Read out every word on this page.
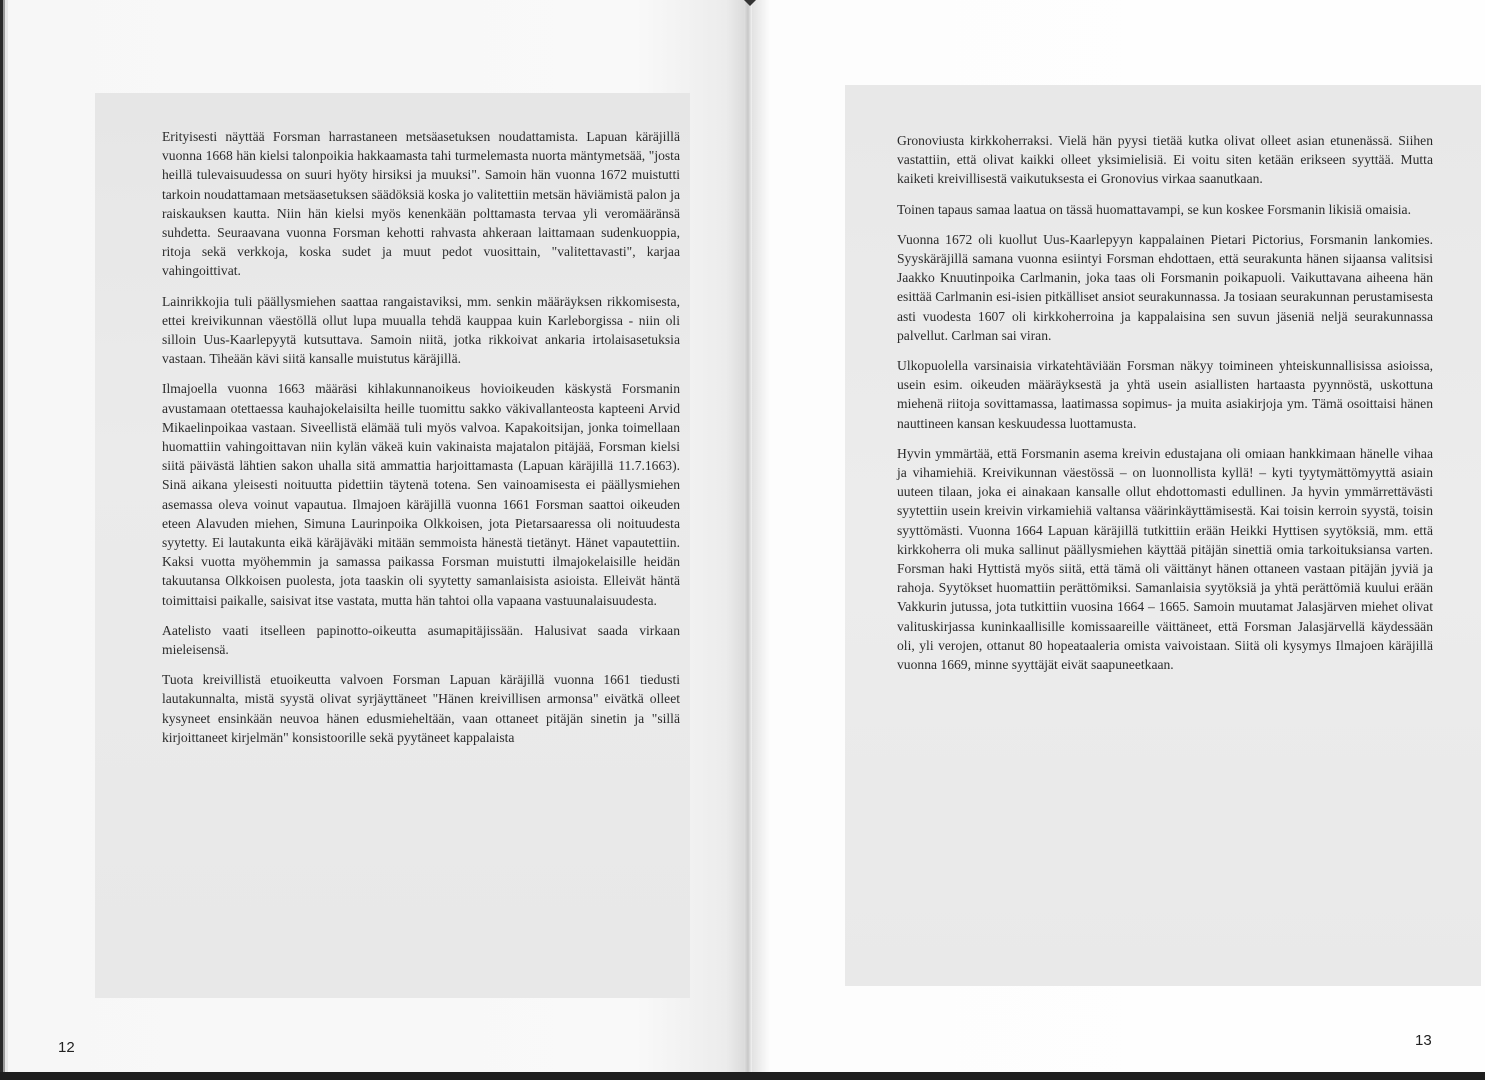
Erityisesti näyttää Forsman harrastaneen metsäasetuksen noudattamista. Lapuan käräjillä vuonna 1668 hän kielsi talonpoikia hakkaamasta tahi turmelemasta nuorta mäntymetsää, "josta heillä tulevaisuudessa on suuri hyöty hirsiksi ja muuksi". Samoin hän vuonna 1672 muistutti tarkoin noudattamaan metsäasetuksen säädöksiä koska jo valitettiin metsän häviämistä palon ja raiskauksen kautta. Niin hän kielsi myös kenenkään polttamasta tervaa yli veromääränsä suhdetta. Seuraavana vuonna Forsman kehotti rahvasta ahkeraan laittamaan sudenkuoppia, ritoja sekä verkkoja, koska sudet ja muut pedot vuosittain, "valitettavasti", karjaa vahingoittivat.

Lainrikkojia tuli päällysmiehen saattaa rangaistaviksi, mm. senkin määräyksen rikkomisesta, ettei kreivikunnan väestöllä ollut lupa muualla tehdä kauppaa kuin Karleborgissa - niin oli silloin Uus-Kaarlepyytä kutsuttava. Samoin niitä, jotka rikkoivat ankaria irtolaisasetuksia vastaan. Tiheään kävi siitä kansalle muistutus käräjillä.

Ilmajoella vuonna 1663 määräsi kihlakunnanoikeus hovioikeuden käskystä Forsmanin avustamaan otettaessa kauhajokelaisilta heille tuomittu sakko väkivallanteosta kapteeni Arvid Mikaelinpoikaa vastaan. Siveellistä elämää tuli myös valvoa. Kapakoitsijan, jonka toimellaan huomattiin vahingoittavan niin kylän väkeä kuin vakinaista majatalon pitäjää, Forsman kielsi siitä päivästä lähtien sakon uhalla sitä ammattia harjoittamasta (Lapuan käräjillä 11.7.1663). Sinä aikana yleisesti noituutta pidettiin täytenä totena. Sen vainoamisesta ei päällysmiehen asemassa oleva voinut vapautua. Ilmajoen käräjillä vuonna 1661 Forsman saattoi oikeuden eteen Alavuden miehen, Simuna Laurinpoika Olkkoisen, jota Pietarsaaressa oli noituudesta syytetty. Ei lautakunta eikä käräjäväki mitään semmoista hänestä tietänyt. Hänet vapautettiin. Kaksi vuotta myöhemmin ja samassa paikassa Forsman muistutti ilmajokelaisille heidän takuutansa Olkkoisen puolesta, jota taaskin oli syytetty samanlaisista asioista. Elleivät häntä toimittaisi paikalle, saisivat itse vastata, mutta hän tahtoi olla vapaana vastuunalaisuudesta.

Aatelisto vaati itselleen papinotto-oikeutta asumapitäjissään. Halusivat saada virkaan mieleisensä.

Tuota kreivillistä etuoikeutta valvoen Forsman Lapuan käräjillä vuonna 1661 tiedusti lautakunnalta, mistä syystä olivat syrjäyttäneet "Hänen kreivillisen armonsa" eivätkä olleet kysyneet ensinkään neuvoa hänen edusmieheltään, vaan ottaneet pitäjän sinetin ja "sillä kirjoittaneet kirjelmän" konsistoorille sekä pyytäneet kappalaista

Gronoviusta kirkkoherraksi. Vielä hän pyysi tietää kutka olivat olleet asian etunenässä. Siihen vastattiin, että olivat kaikki olleet yksimielisiä. Ei voitu siten ketään erikseen syyttää. Mutta kaiketi kreivillisestä vaikutuksesta ei Gronovius virkaa saanutkaan.

Toinen tapaus samaa laatua on tässä huomattavampi, se kun koskee Forsmanin likisiä omaisia.

Vuonna 1672 oli kuollut Uus-Kaarlepyyn kappalainen Pietari Pictorius, Forsmanin lankomies. Syyskäräjillä samana vuonna esiintyi Forsman ehdottaen, että seurakunta hänen sijaansa valitsisi Jaakko Knuutinpoika Carlmanin, joka taas oli Forsmanin poikapuoli. Vaikuttavana aiheena hän esittää Carlmanin esi-isien pitkälliset ansiot seurakunnassa. Ja tosiaan seurakunnan perustamisesta asti vuodesta 1607 oli kirkkoherroina ja kappalaisina sen suvun jäseniä neljä seurakunnassa palvellut. Carlman sai viran.

Ulkopuolella varsinaisia virkatehtäviään Forsman näkyy toimineen yhteiskunnallisissa asioissa, usein esim. oikeuden määräyksestä ja yhtä usein asiallisten hartaasta pyynnöstä, uskottuna miehenä riitoja sovittamassa, laatimassa sopimus- ja muita asiakirjoja ym. Tämä osoittaisi hänen nauttineen kansan keskuudessa luottamusta.

Hyvin ymmärtää, että Forsmanin asema kreivin edustajana oli omiaan hankkimaan hänelle vihaa ja vihamiehiä. Kreivikunnan väestössä – on luonnollista kyllä! – kyti tyytymättömyyttä asiain uuteen tilaan, joka ei ainakaan kansalle ollut ehdottomasti edullinen. Ja hyvin ymmärrettävästi syytettiin usein kreivin virkamiehiä valtansa väärinkäyttämisestä. Kai toisin kerroin syystä, toisin syyttömästi. Vuonna 1664 Lapuan käräjillä tutkittiin erään Heikki Hyttisen syytöksiä, mm. että kirkkoherra oli muka sallinut päällysmiehen käyttää pitäjän sinettiä omia tarkoituksiansa varten. Forsman haki Hyttistä myös siitä, että tämä oli väittänyt hänen ottaneen vastaan pitäjän jyviä ja rahoja. Syytökset huomattiin perättömiksi. Samanlaisia syytöksiä ja yhtä perättömiä kuului erään Vakkurin jutussa, jota tutkittiin vuosina 1664 – 1665. Samoin muutamat Jalasjärven miehet olivat valituskirjassa kuninkaallisille komissaareille väittäneet, että Forsman Jalasjärvellä käydessään oli, yli verojen, ottanut 80 hopeataaleria omista vaivoistaan. Siitä oli kysymys Ilmajoen käräjillä vuonna 1669, minne syyttäjät eivät saapuneetkaan.

12	13
